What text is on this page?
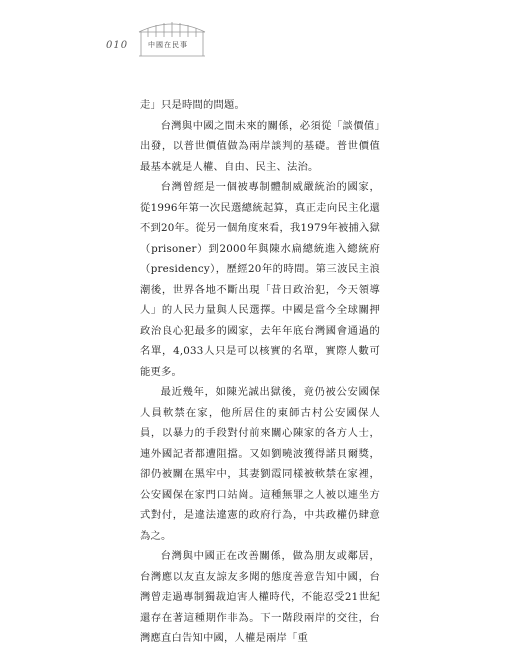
010	中國在民事

走」只是時間的問題。

台灣與中國之間未來的關係，必須從「談價值」出發，以普世價值做為兩岸談判的基礎。普世價值最基本就是人權、自由、民主、法治。

台灣曾經是一個被專制體制威嚴統治的國家，從1996年第一次民選總統起算，真正走向民主化還不到20年。從另一個角度來看，我1979年被捕入獄（prisoner）到2000年與陳水扁總統進入總統府（presidency），歷經20年的時間。第三波民主浪潮後，世界各地不斷出現「昔日政治犯，今天領導人」的人民力量與人民選擇。中國是當今全球關押政治良心犯最多的國家，去年年底台灣國會通過的名單，4,033人只是可以核實的名單，實際人數可能更多。

最近幾年，如陳光誠出獄後，竟仍被公安國保人員軟禁在家，他所居住的東師古村公安國保人員，以暴力的手段對付前來關心陳家的各方人士，連外國記者都遭阻擋。又如劉曉波獲得諾貝爾獎，卻仍被關在黑牢中，其妻劉霞同樣被軟禁在家裡，公安國保在家門口站崗。這種無罪之人被以連坐方式對付，是違法違憲的政府行為，中共政權仍肆意為之。

台灣與中國正在改善關係，做為朋友或鄰居，台灣應以友直友諒友多聞的態度善意告知中國，台灣曾走過專制獨裁迫害人權時代，不能忍受21世紀還存在著這種期作非為。下一階段兩岸的交往，台灣應直白告知中國，人權是兩岸「重
